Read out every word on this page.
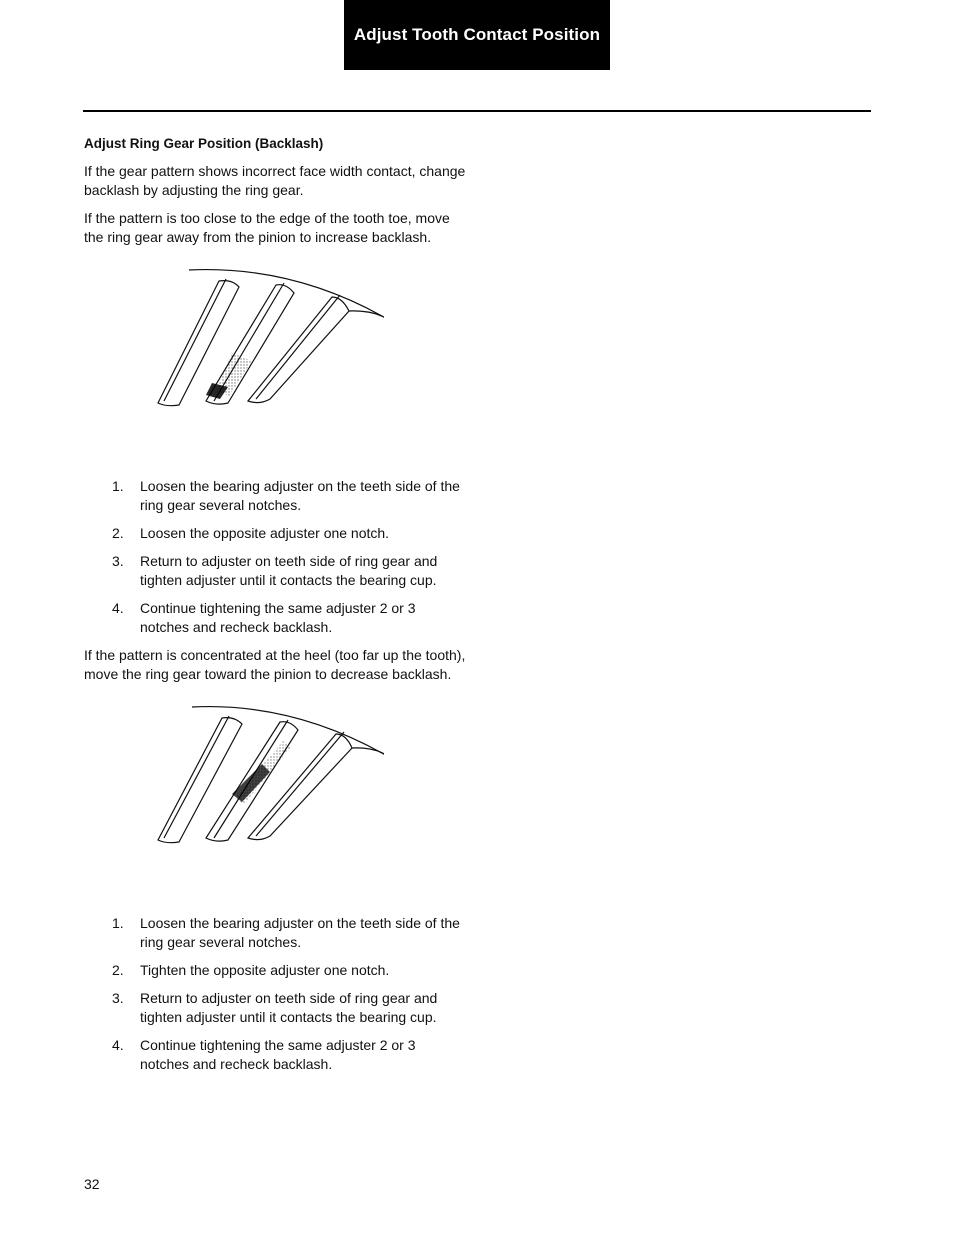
Adjust Tooth Contact Position
Adjust Ring Gear Position (Backlash)

If the gear pattern shows incorrect face width contact, change backlash by adjusting the ring gear.

If the pattern is too close to the edge of the tooth toe, move the ring gear away from the pinion to increase backlash.

1. Loosen the bearing adjuster on the teeth side of the ring gear several notches.
2. Loosen the opposite adjuster one notch.
3. Return to adjuster on teeth side of ring gear and tighten adjuster until it contacts the bearing cup.
4. Continue tightening the same adjuster 2 or 3 notches and recheck backlash.

If the pattern is concentrated at the heel (too far up the tooth), move the ring gear toward the pinion to decrease backlash.

1. Loosen the bearing adjuster on the teeth side of the ring gear several notches.
2. Tighten the opposite adjuster one notch.
3. Return to adjuster on teeth side of ring gear and tighten adjuster until it contacts the bearing cup.
4. Continue tightening the same adjuster 2 or 3 notches and recheck backlash.
32
